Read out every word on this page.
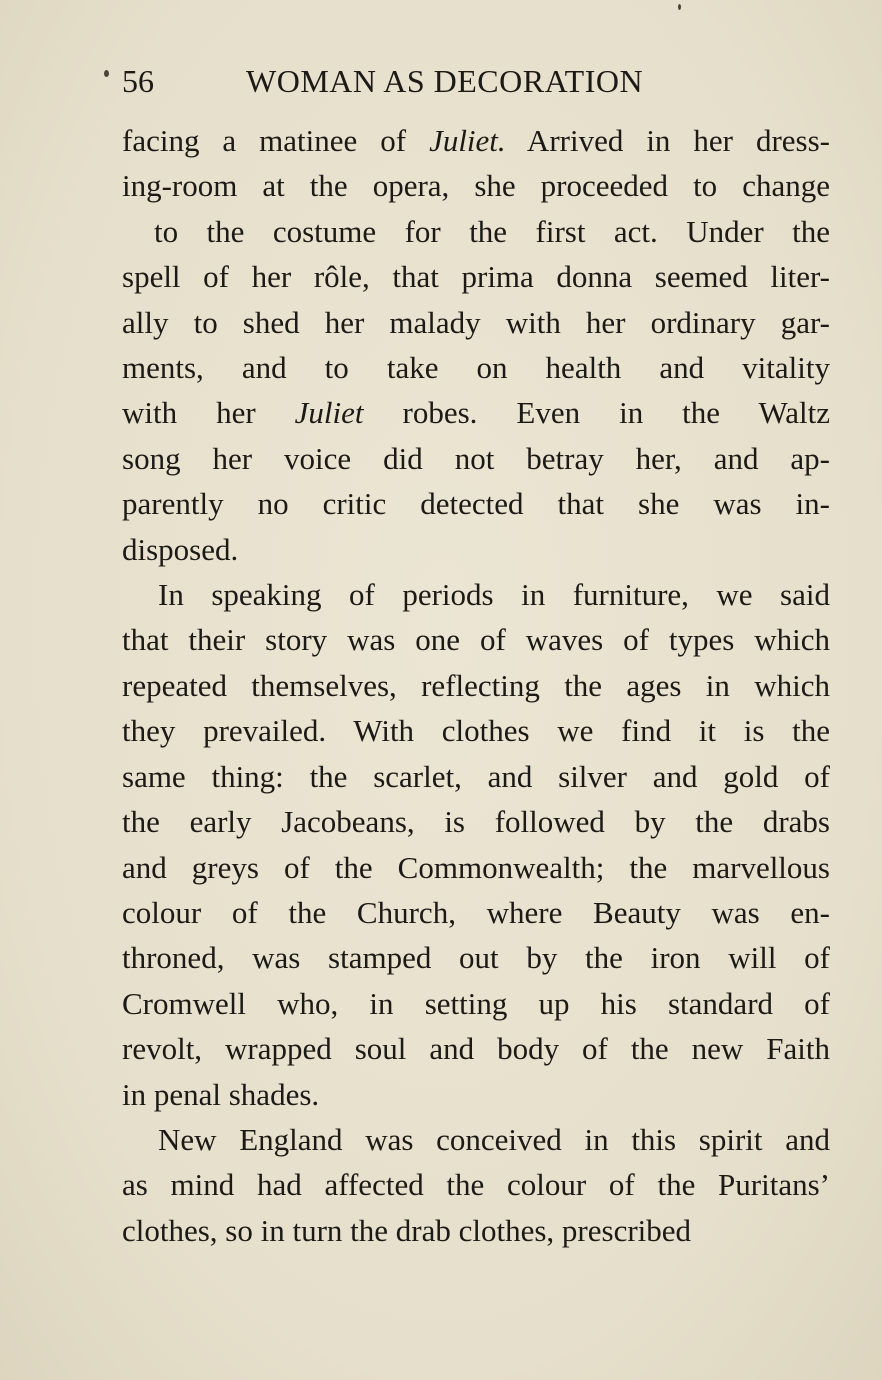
56	WOMAN AS DECORATION

facing a matinee of Juliet. Arrived in her dress-
ing-room at the opera, she proceeded to change
to the costume for the first act. Under the
spell of her rôle, that prima donna seemed liter-
ally to shed her malady with her ordinary gar-
ments, and to take on health and vitality
with her Juliet robes. Even in the Waltz
song her voice did not betray her, and ap-
parently no critic detected that she was in-
disposed.

In speaking of periods in furniture, we said
that their story was one of waves of types which
repeated themselves, reflecting the ages in which
they prevailed. With clothes we find it is the
same thing: the scarlet, and silver and gold of
the early Jacobeans, is followed by the drabs
and greys of the Commonwealth; the marvellous
colour of the Church, where Beauty was en-
throned, was stamped out by the iron will of
Cromwell who, in setting up his standard of
revolt, wrapped soul and body of the new Faith
in penal shades.

New England was conceived in this spirit and
as mind had affected the colour of the Puritans’
clothes, so in turn the drab clothes, prescribed
